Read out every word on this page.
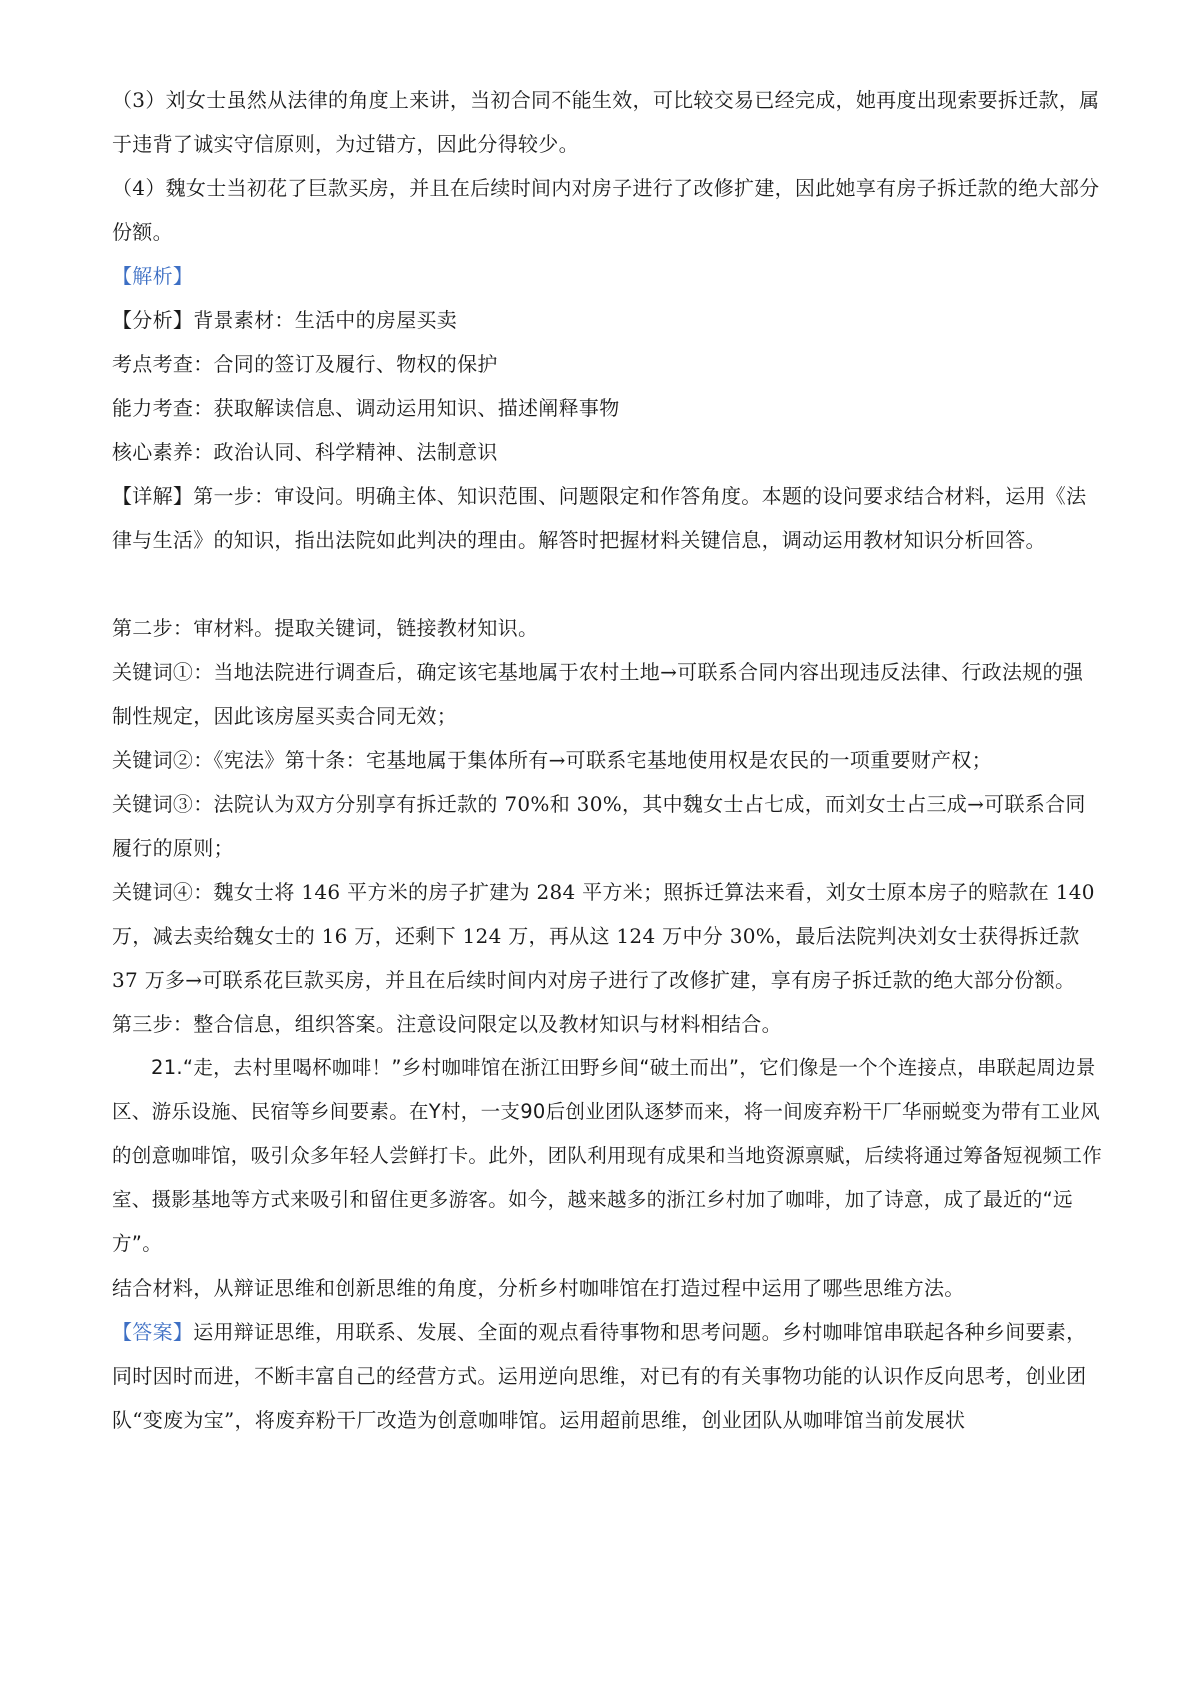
（3）刘女士虽然从法律的角度上来讲，当初合同不能生效，可比较交易已经完成，她再度出现索要拆迁款，属于违背了诚实守信原则，为过错方，因此分得较少。

（4）魏女士当初花了巨款买房，并且在后续时间内对房子进行了改修扩建，因此她享有房子拆迁款的绝大部分份额。

【解析】

【分析】背景素材：生活中的房屋买卖

考点考查：合同的签订及履行、物权的保护

能力考查：获取解读信息、调动运用知识、描述阐释事物

核心素养：政治认同、科学精神、法制意识

【详解】第一步：审设问。明确主体、知识范围、问题限定和作答角度。本题的设问要求结合材料，运用《法律与生活》的知识，指出法院如此判决的理由。解答时把握材料关键信息，调动运用教材知识分析回答。

第二步：审材料。提取关键词，链接教材知识。

关键词①：当地法院进行调查后，确定该宅基地属于农村土地→可联系合同内容出现违反法律、行政法规的强制性规定，因此该房屋买卖合同无效；

关键词②：《宪法》第十条：宅基地属于集体所有→可联系宅基地使用权是农民的一项重要财产权；

关键词③：法院认为双方分别享有拆迁款的 70%和 30%，其中魏女士占七成，而刘女士占三成→可联系合同履行的原则；

关键词④：魏女士将 146 平方米的房子扩建为 284 平方米；照拆迁算法来看，刘女士原本房子的赔款在 140 万，减去卖给魏女士的 16 万，还剩下 124 万，再从这 124 万中分 30%，最后法院判决刘女士获得拆迁款 37 万多→可联系花巨款买房，并且在后续时间内对房子进行了改修扩建，享有房子拆迁款的绝大部分份额。

第三步：整合信息，组织答案。注意设问限定以及教材知识与材料相结合。

21.“走，去村里喝杯咖啡！”乡村咖啡馆在浙江田野乡间“破土而出”，它们像是一个个连接点，串联起周边景区、游乐设施、民宿等乡间要素。在Y村，一支90后创业团队逐梦而来，将一间废弃粉干厂华丽蜕变为带有工业风的创意咖啡馆，吸引众多年轻人尝鲜打卡。此外，团队利用现有成果和当地资源禀赋，后续将通过筹备短视频工作室、摄影基地等方式来吸引和留住更多游客。如今，越来越多的浙江乡村加了咖啡，加了诗意，成了最近的“远方”。

结合材料，从辩证思维和创新思维的角度，分析乡村咖啡馆在打造过程中运用了哪些思维方法。

【答案】运用辩证思维，用联系、发展、全面的观点看待事物和思考问题。乡村咖啡馆串联起各种乡间要素，同时因时而进，不断丰富自己的经营方式。运用逆向思维，对已有的有关事物功能的认识作反向思考，创业团队“变废为宝”，将废弃粉干厂改造为创意咖啡馆。运用超前思维，创业团队从咖啡馆当前发展状
